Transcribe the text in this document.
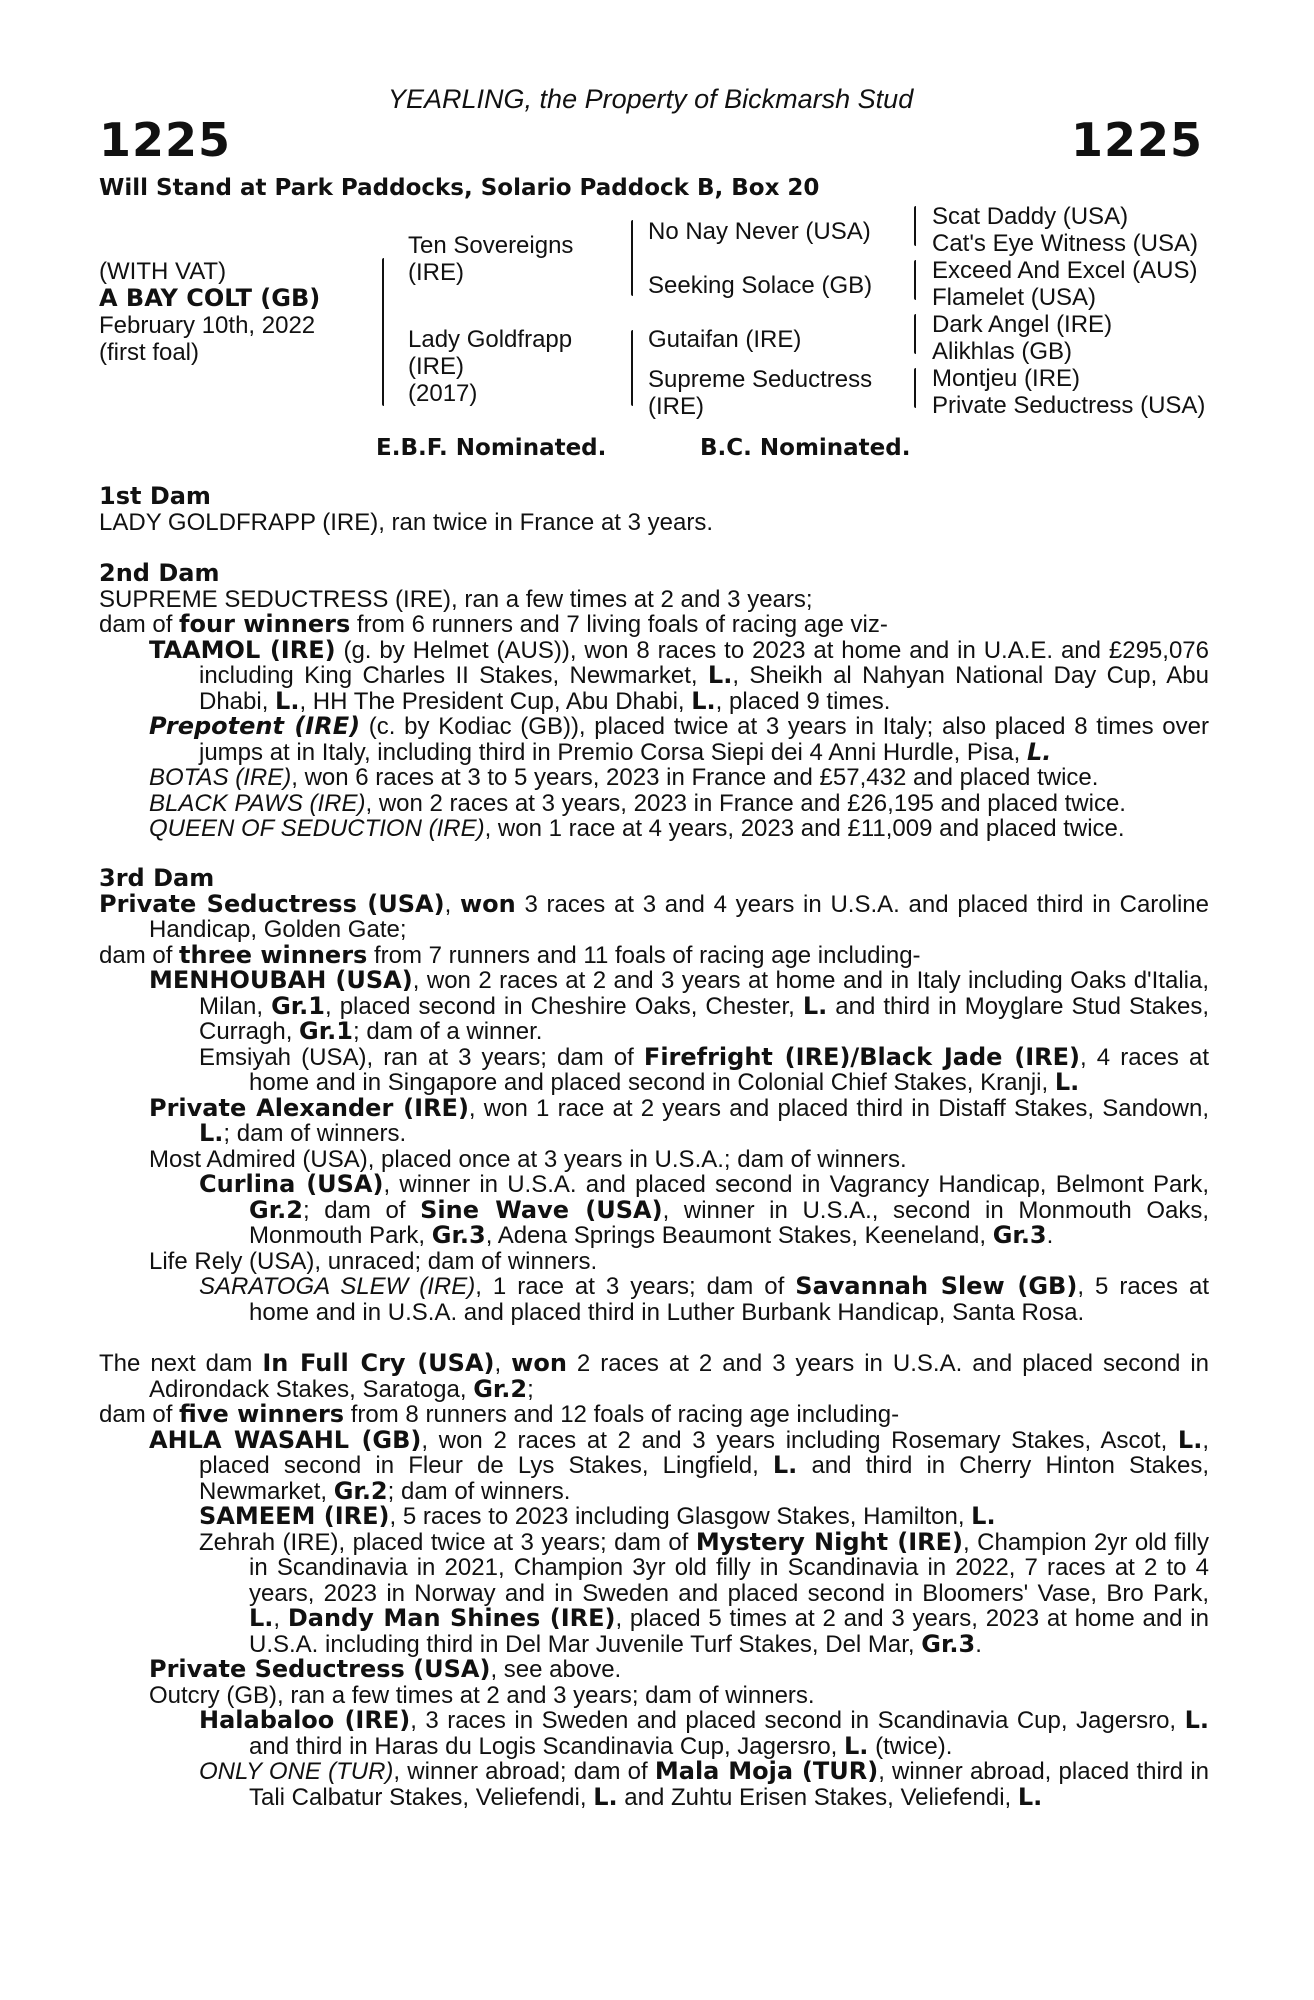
YEARLING, the Property of Bickmarsh Stud
1225	1225
Will Stand at Park Paddocks, Solario Paddock B, Box 20
(WITH VAT)
A BAY COLT (GB)
February 10th, 2022
(first foal)
Ten Sovereigns
(IRE)
Lady Goldfrapp
(IRE)
(2017)
No Nay Never (USA)
Seeking Solace (GB)
Gutaifan (IRE)
Supreme Seductress
(IRE)
Scat Daddy (USA)
Cat's Eye Witness (USA)
Exceed And Excel (AUS)
Flamelet (USA)
Dark Angel (IRE)
Alikhlas (GB)
Montjeu (IRE)
Private Seductress (USA)
E.B.F. Nominated.	B.C. Nominated.

1st Dam

LADY GOLDFRAPP (IRE), ran twice in France at 3 years.

2nd Dam

SUPREME SEDUCTRESS (IRE), ran a few times at 2 and 3 years;

dam of four winners from 6 runners and 7 living foals of racing age viz-

TAAMOL (IRE) (g. by Helmet (AUS)), won 8 races to 2023 at home and in U.A.E. and £295,076 including King Charles II Stakes, Newmarket, L., Sheikh al Nahyan National Day Cup, Abu Dhabi, L., HH The President Cup, Abu Dhabi, L., placed 9 times.

Prepotent (IRE) (c. by Kodiac (GB)), placed twice at 3 years in Italy; also placed 8 times over jumps at in Italy, including third in Premio Corsa Siepi dei 4 Anni Hurdle, Pisa, L.

BOTAS (IRE), won 6 races at 3 to 5 years, 2023 in France and £57,432 and placed twice.

BLACK PAWS (IRE), won 2 races at 3 years, 2023 in France and £26,195 and placed twice.

QUEEN OF SEDUCTION (IRE), won 1 race at 4 years, 2023 and £11,009 and placed twice.

3rd Dam

Private Seductress (USA), won 3 races at 3 and 4 years in U.S.A. and placed third in Caroline Handicap, Golden Gate;

dam of three winners from 7 runners and 11 foals of racing age including-

MENHOUBAH (USA), won 2 races at 2 and 3 years at home and in Italy including Oaks d'Italia, Milan, Gr.1, placed second in Cheshire Oaks, Chester, L. and third in Moyglare Stud Stakes, Curragh, Gr.1; dam of a winner.

Emsiyah (USA), ran at 3 years; dam of Firefright (IRE)/Black Jade (IRE), 4 races at home and in Singapore and placed second in Colonial Chief Stakes, Kranji, L.

Private Alexander (IRE), won 1 race at 2 years and placed third in Distaff Stakes, Sandown, L.; dam of winners.

Most Admired (USA), placed once at 3 years in U.S.A.; dam of winners.

Curlina (USA), winner in U.S.A. and placed second in Vagrancy Handicap, Belmont Park, Gr.2; dam of Sine Wave (USA), winner in U.S.A., second in Monmouth Oaks, Monmouth Park, Gr.3, Adena Springs Beaumont Stakes, Keeneland, Gr.3.

Life Rely (USA), unraced; dam of winners.

SARATOGA SLEW (IRE), 1 race at 3 years; dam of Savannah Slew (GB), 5 races at home and in U.S.A. and placed third in Luther Burbank Handicap, Santa Rosa.

The next dam In Full Cry (USA), won 2 races at 2 and 3 years in U.S.A. and placed second in Adirondack Stakes, Saratoga, Gr.2;

dam of five winners from 8 runners and 12 foals of racing age including-

AHLA WASAHL (GB), won 2 races at 2 and 3 years including Rosemary Stakes, Ascot, L., placed second in Fleur de Lys Stakes, Lingfield, L. and third in Cherry Hinton Stakes, Newmarket, Gr.2; dam of winners.

SAMEEM (IRE), 5 races to 2023 including Glasgow Stakes, Hamilton, L.

Zehrah (IRE), placed twice at 3 years; dam of Mystery Night (IRE), Champion 2yr old filly in Scandinavia in 2021, Champion 3yr old filly in Scandinavia in 2022, 7 races at 2 to 4 years, 2023 in Norway and in Sweden and placed second in Bloomers' Vase, Bro Park, L., Dandy Man Shines (IRE), placed 5 times at 2 and 3 years, 2023 at home and in U.S.A. including third in Del Mar Juvenile Turf Stakes, Del Mar, Gr.3.

Private Seductress (USA), see above.

Outcry (GB), ran a few times at 2 and 3 years; dam of winners.

Halabaloo (IRE), 3 races in Sweden and placed second in Scandinavia Cup, Jagersro, L. and third in Haras du Logis Scandinavia Cup, Jagersro, L. (twice).

ONLY ONE (TUR), winner abroad; dam of Mala Moja (TUR), winner abroad, placed third in Tali Calbatur Stakes, Veliefendi, L. and Zuhtu Erisen Stakes, Veliefendi, L.
